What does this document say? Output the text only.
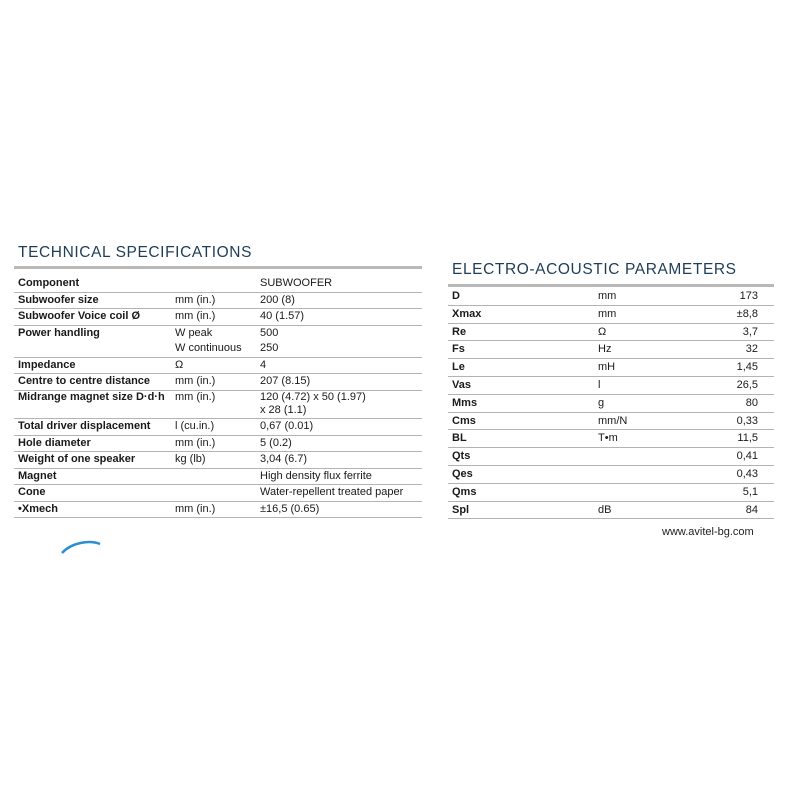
TECHNICAL SPECIFICATIONS
Component		SUBWOOFER
Subwoofer size	mm (in.)	200 (8)
Subwoofer Voice coil Ø	mm (in.)	40 (1.57)
Power handling	W peak	500
	W continuous	250
Impedance	Ω	4
Centre to centre distance	mm (in.)	207 (8.15)
Midrange magnet size D·d·h	mm (in.)	120 (4.72) x 50 (1.97)
		x 28 (1.1)
Total driver displacement	l (cu.in.)	0,67 (0.01)
Hole diameter	mm (in.)	5 (0.2)
Weight of one speaker	kg (lb)	3,04 (6.7)
Magnet		High density flux ferrite
Cone		Water-repellent treated paper
•Xmech	mm (in.)	±16,5 (0.65)
ELECTRO-ACOUSTIC PARAMETERS
D	mm	173
Xmax	mm	±8,8
Re	Ω	3,7
Fs	Hz	32
Le	mH	1,45
Vas	l	26,5
Mms	g	80
Cms	mm/N	0,33
BL	T•m	11,5
Qts		0,41
Qes		0,43
Qms		5,1
Spl	dB	84
www.avitel-bg.com
